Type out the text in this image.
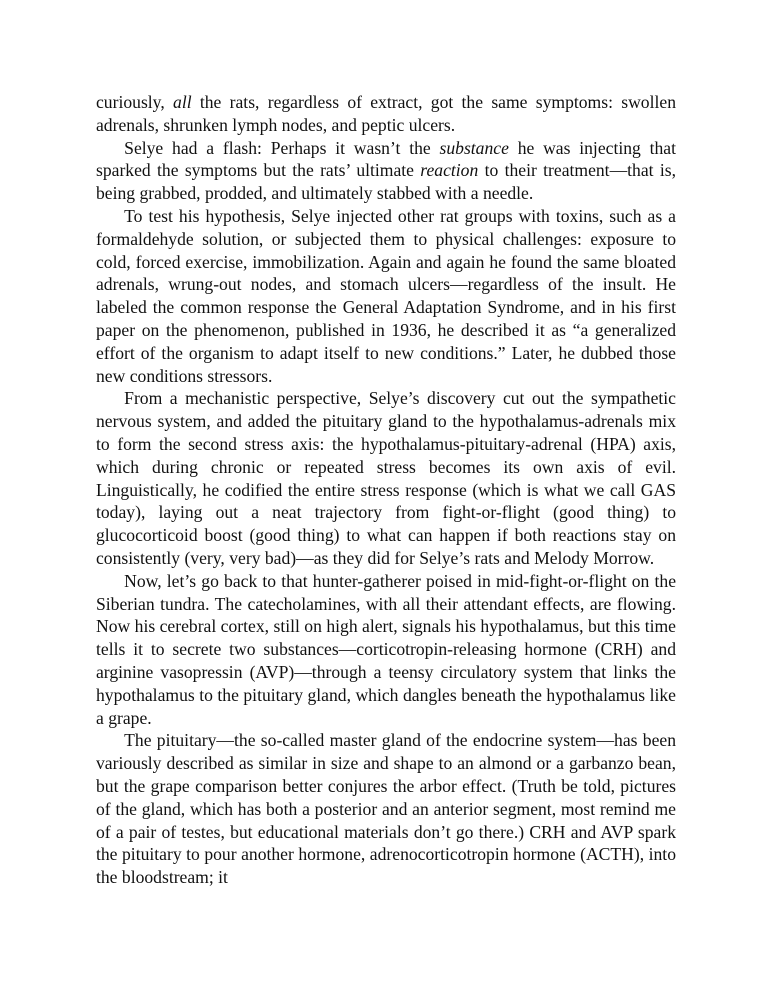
curiously, all the rats, regardless of extract, got the same symptoms: swollen adrenals, shrunken lymph nodes, and peptic ulcers.

Selye had a flash: Perhaps it wasn’t the substance he was injecting that sparked the symptoms but the rats’ ultimate reaction to their treatment—that is, being grabbed, prodded, and ultimately stabbed with a needle.

To test his hypothesis, Selye injected other rat groups with toxins, such as a formaldehyde solution, or subjected them to physical challenges: exposure to cold, forced exercise, immobilization. Again and again he found the same bloated adrenals, wrung-out nodes, and stomach ulcers—regardless of the insult. He labeled the common response the General Adaptation Syndrome, and in his first paper on the phenomenon, published in 1936, he described it as “a generalized effort of the organism to adapt itself to new conditions.” Later, he dubbed those new conditions stressors.

From a mechanistic perspective, Selye’s discovery cut out the sympathetic nervous system, and added the pituitary gland to the hypothalamus-adrenals mix to form the second stress axis: the hypothalamus-pituitary-adrenal (HPA) axis, which during chronic or repeated stress becomes its own axis of evil. Linguistically, he codified the entire stress response (which is what we call GAS today), laying out a neat trajectory from fight-or-flight (good thing) to glucocorticoid boost (good thing) to what can happen if both reactions stay on consistently (very, very bad)—as they did for Selye’s rats and Melody Morrow.

Now, let’s go back to that hunter-gatherer poised in mid-fight-or-flight on the Siberian tundra. The catecholamines, with all their attendant effects, are flowing. Now his cerebral cortex, still on high alert, signals his hypothalamus, but this time tells it to secrete two substances—corticotropin-releasing hormone (CRH) and arginine vasopressin (AVP)—through a teensy circulatory system that links the hypothalamus to the pituitary gland, which dangles beneath the hypothalamus like a grape.

The pituitary—the so-called master gland of the endocrine system—has been variously described as similar in size and shape to an almond or a garbanzo bean, but the grape comparison better conjures the arbor effect. (Truth be told, pictures of the gland, which has both a posterior and an anterior segment, most remind me of a pair of testes, but educational materials don’t go there.) CRH and AVP spark the pituitary to pour another hormone, adrenocorticotropin hormone (ACTH), into the bloodstream; it
